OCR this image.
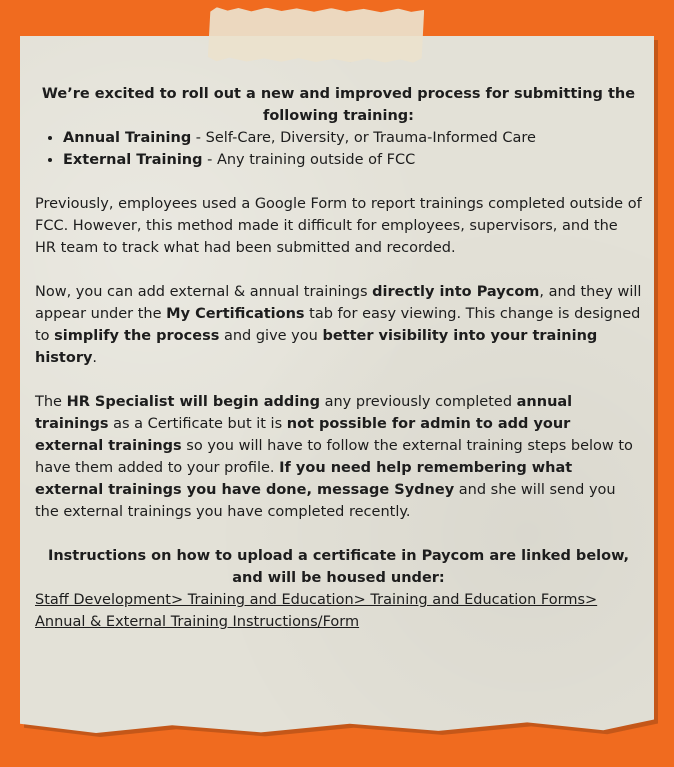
We’re excited to roll out a new and improved process for submitting the following training:

• Annual Training - Self-Care, Diversity, or Trauma-Informed Care
• External Training - Any training outside of FCC

Previously, employees used a Google Form to report trainings completed outside of FCC. However, this method made it difficult for employees, supervisors, and the HR team to track what had been submitted and recorded.

Now, you can add external & annual trainings directly into Paycom, and they will appear under the My Certifications tab for easy viewing. This change is designed to simplify the process and give you better visibility into your training history.

The HR Specialist will begin adding any previously completed annual trainings as a Certificate but it is not possible for admin to add your external trainings so you will have to follow the external training steps below to have them added to your profile. If you need help remembering what external trainings you have done, message Sydney and she will send you the external trainings you have completed recently.

Instructions on how to upload a certificate in Paycom are linked below, and will be housed under:

Staff Development> Training and Education> Training and Education Forms> Annual & External Training Instructions/Form
